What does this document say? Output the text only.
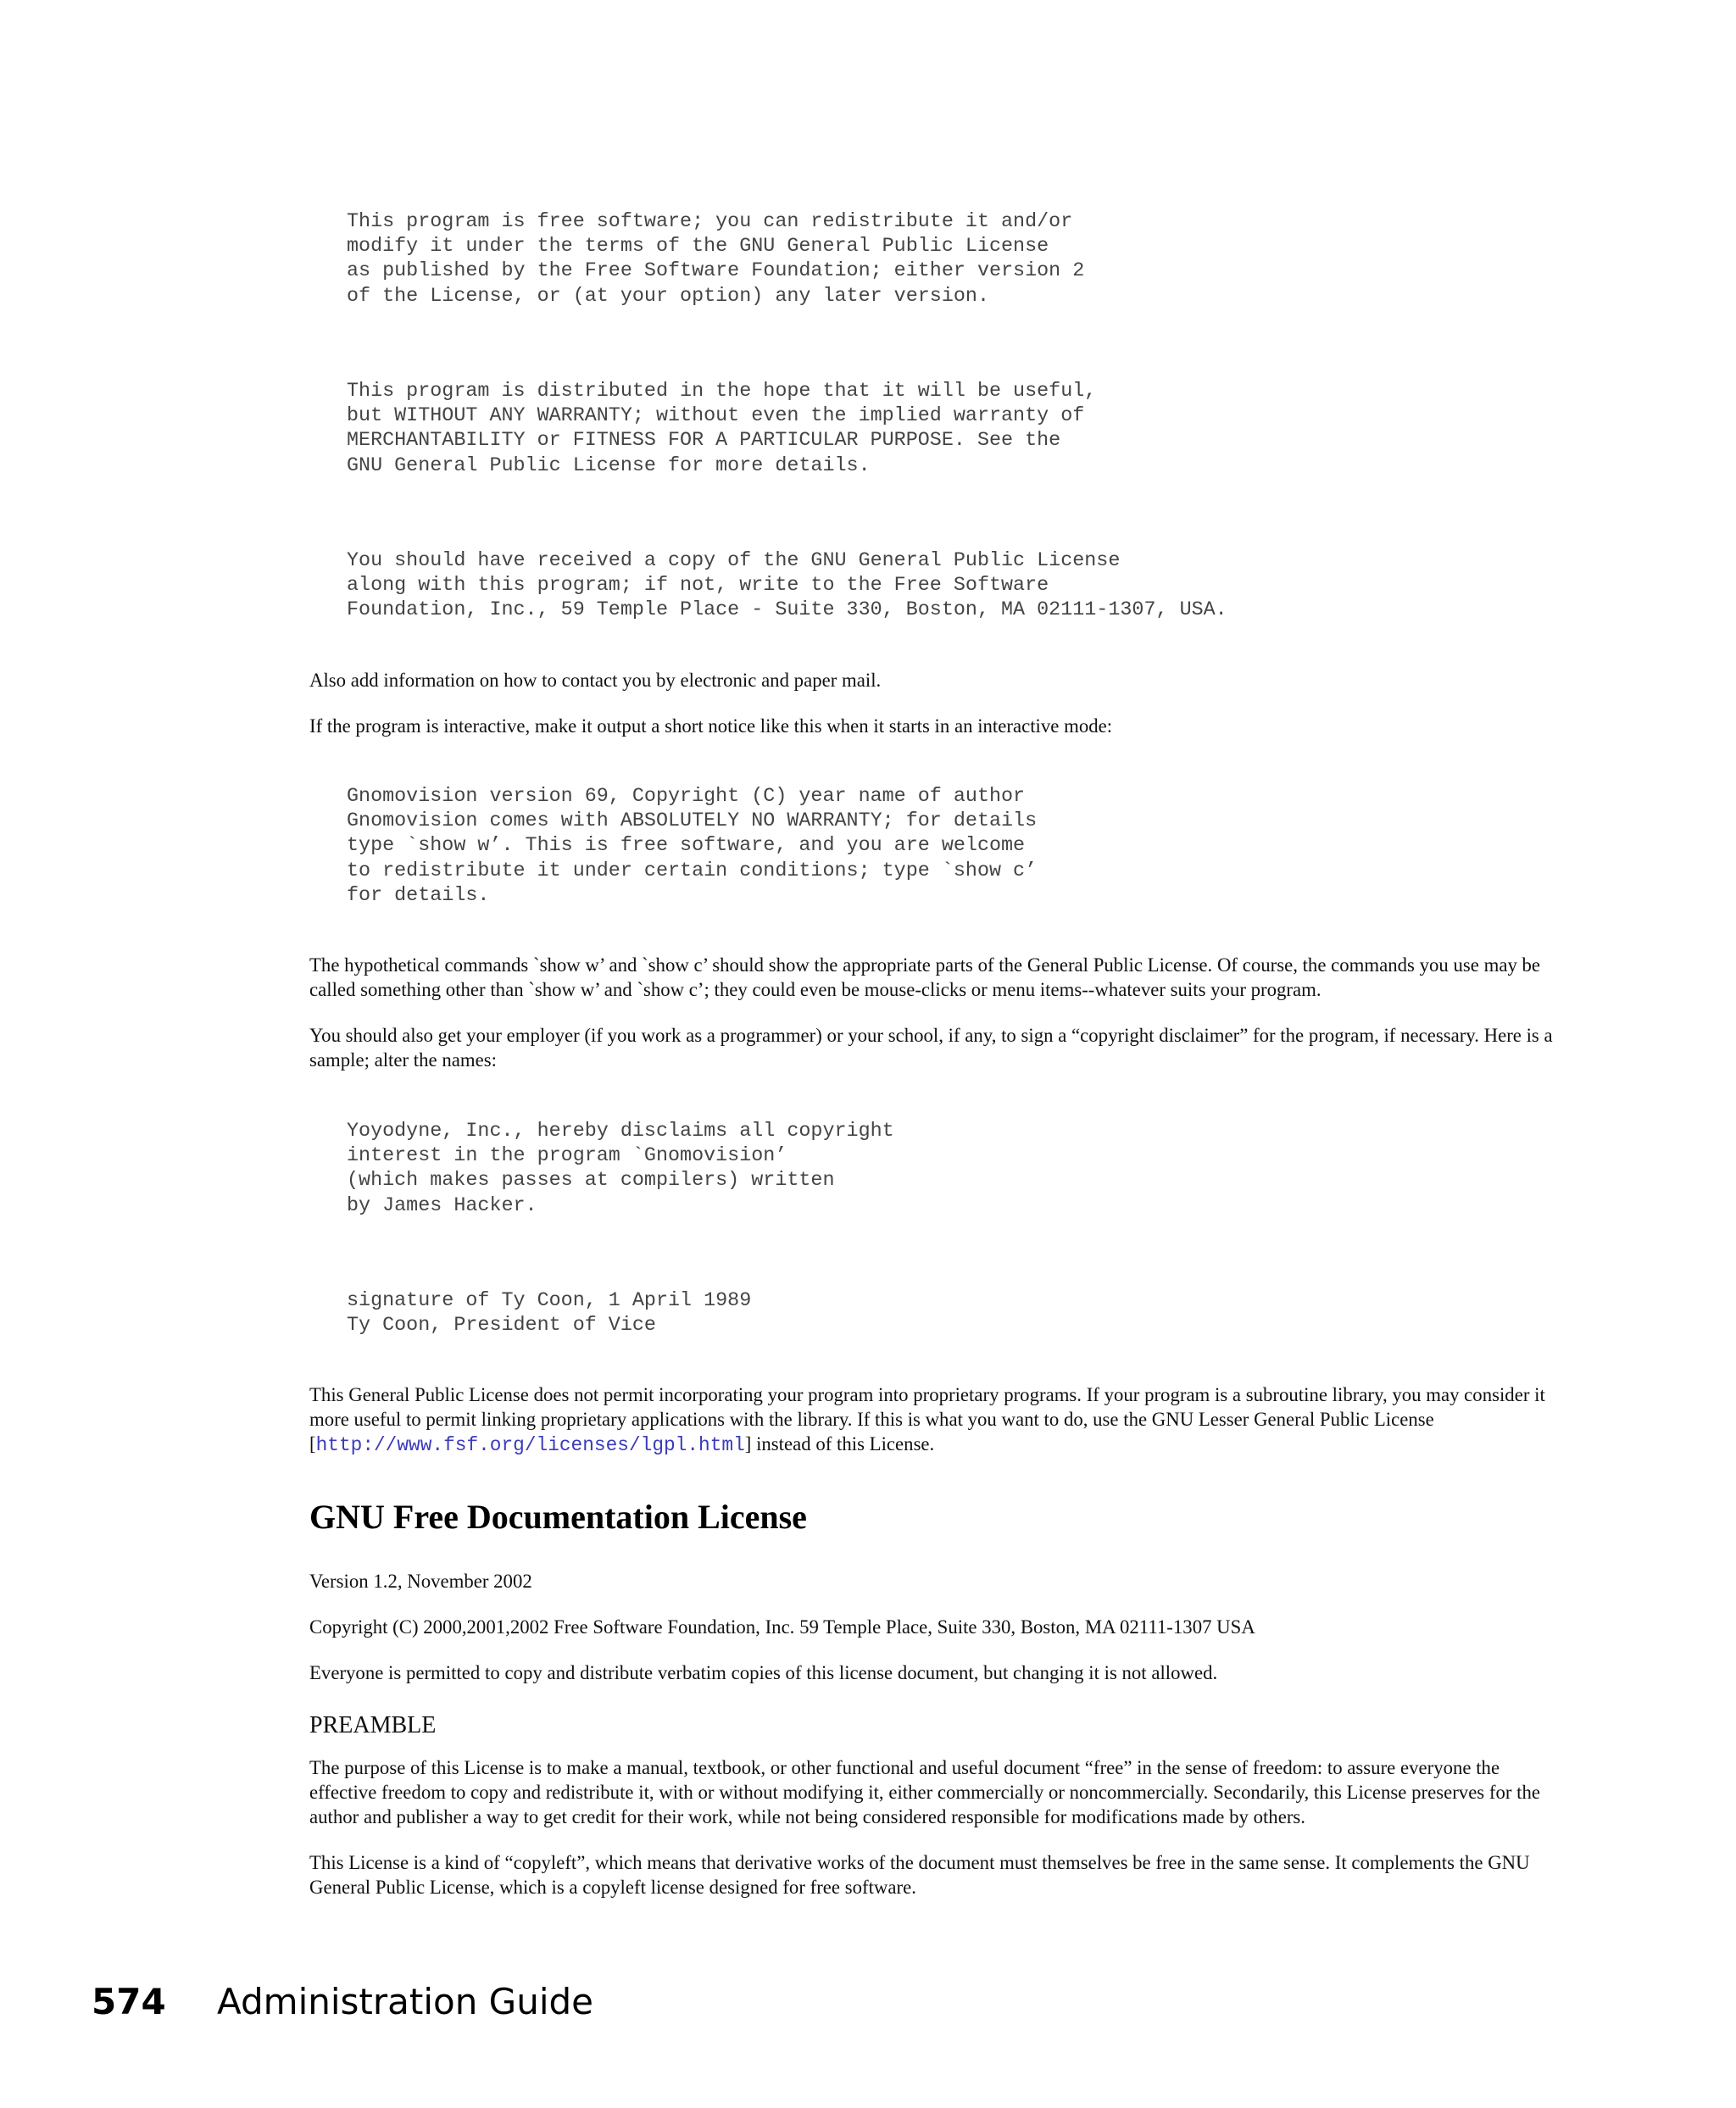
This program is free software; you can redistribute it and/or
modify it under the terms of the GNU General Public License
as published by the Free Software Foundation; either version 2
of the License, or (at your option) any later version.
This program is distributed in the hope that it will be useful,
but WITHOUT ANY WARRANTY; without even the implied warranty of
MERCHANTABILITY or FITNESS FOR A PARTICULAR PURPOSE. See the
GNU General Public License for more details.
You should have received a copy of the GNU General Public License
along with this program; if not, write to the Free Software
Foundation, Inc., 59 Temple Place - Suite 330, Boston, MA 02111-1307, USA.

Also add information on how to contact you by electronic and paper mail.

If the program is interactive, make it output a short notice like this when it starts in an interactive mode:

Gnomovision version 69, Copyright (C) year name of author
Gnomovision comes with ABSOLUTELY NO WARRANTY; for details
type `show w’. This is free software, and you are welcome
to redistribute it under certain conditions; type `show c’
for details.

The hypothetical commands `show w’ and `show c’ should show the appropriate parts of the General Public License. Of course, the commands you use may be called something other than `show w’ and `show c’; they could even be mouse-clicks or menu items--whatever suits your program.

You should also get your employer (if you work as a programmer) or your school, if any, to sign a “copyright disclaimer” for the program, if necessary. Here is a sample; alter the names:

Yoyodyne, Inc., hereby disclaims all copyright
interest in the program `Gnomovision’
(which makes passes at compilers) written
by James Hacker.
signature of Ty Coon, 1 April 1989
Ty Coon, President of Vice

This General Public License does not permit incorporating your program into proprietary programs. If your program is a subroutine library, you may consider it more useful to permit linking proprietary applications with the library. If this is what you want to do, use the GNU Lesser General Public License [http://www.fsf.org/licenses/lgpl.html] instead of this License.

GNU Free Documentation License

Version 1.2, November 2002

Copyright (C) 2000,2001,2002 Free Software Foundation, Inc. 59 Temple Place, Suite 330, Boston, MA 02111-1307 USA

Everyone is permitted to copy and distribute verbatim copies of this license document, but changing it is not allowed.

PREAMBLE

The purpose of this License is to make a manual, textbook, or other functional and useful document “free” in the sense of freedom: to assure everyone the effective freedom to copy and redistribute it, with or without modifying it, either commercially or noncommercially. Secondarily, this License preserves for the author and publisher a way to get credit for their work, while not being considered responsible for modifications made by others.

This License is a kind of “copyleft”, which means that derivative works of the document must themselves be free in the same sense. It complements the GNU General Public License, which is a copyleft license designed for free software.

574 Administration Guide
